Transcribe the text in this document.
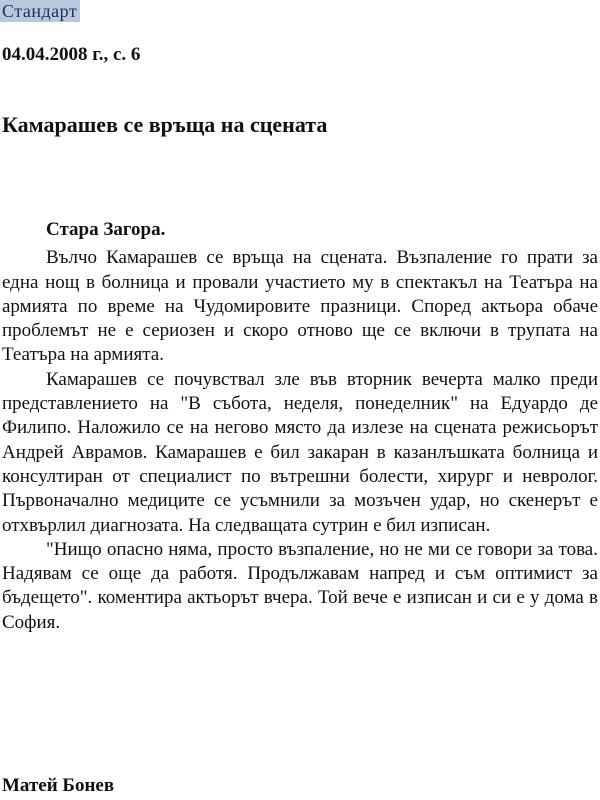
Стандарт
04.04.2008 г., с. 6
Камарашев се връща на сцената

Стара Загора.

Вълчо Камарашев се връща на сцената. Възпаление го прати за една нощ в болница и провали участието му в спектакъл на Театъра на армията по време на Чудомировите празници. Според актьора обаче проблемът не е сериозен и скоро отново ще се включи в трупата на Театъра на армията.

Камарашев се почувствал зле във вторник вечерта малко преди представлението на "В събота, неделя, понеделник" на Едуардо де Филипо. Наложило се на негово място да излезе на сцената режисьорът Андрей Аврамов. Камарашев е бил закаран в казанлъшката болница и консултиран от специалист по вътрешни болести, хирург и невролог. Първоначално медиците се усъмнили за мозъчен удар, но скенерът е отхвърлил диагнозата. На следващата сутрин е бил изписан.

"Нищо опасно няма, просто възпаление, но не ми се говори за това. Надявам се още да работя. Продължавам напред и съм оптимист за бъдещето". коментира актьорът вчера. Той вече е изписан и си е у дома в София.

Матей Бонев
